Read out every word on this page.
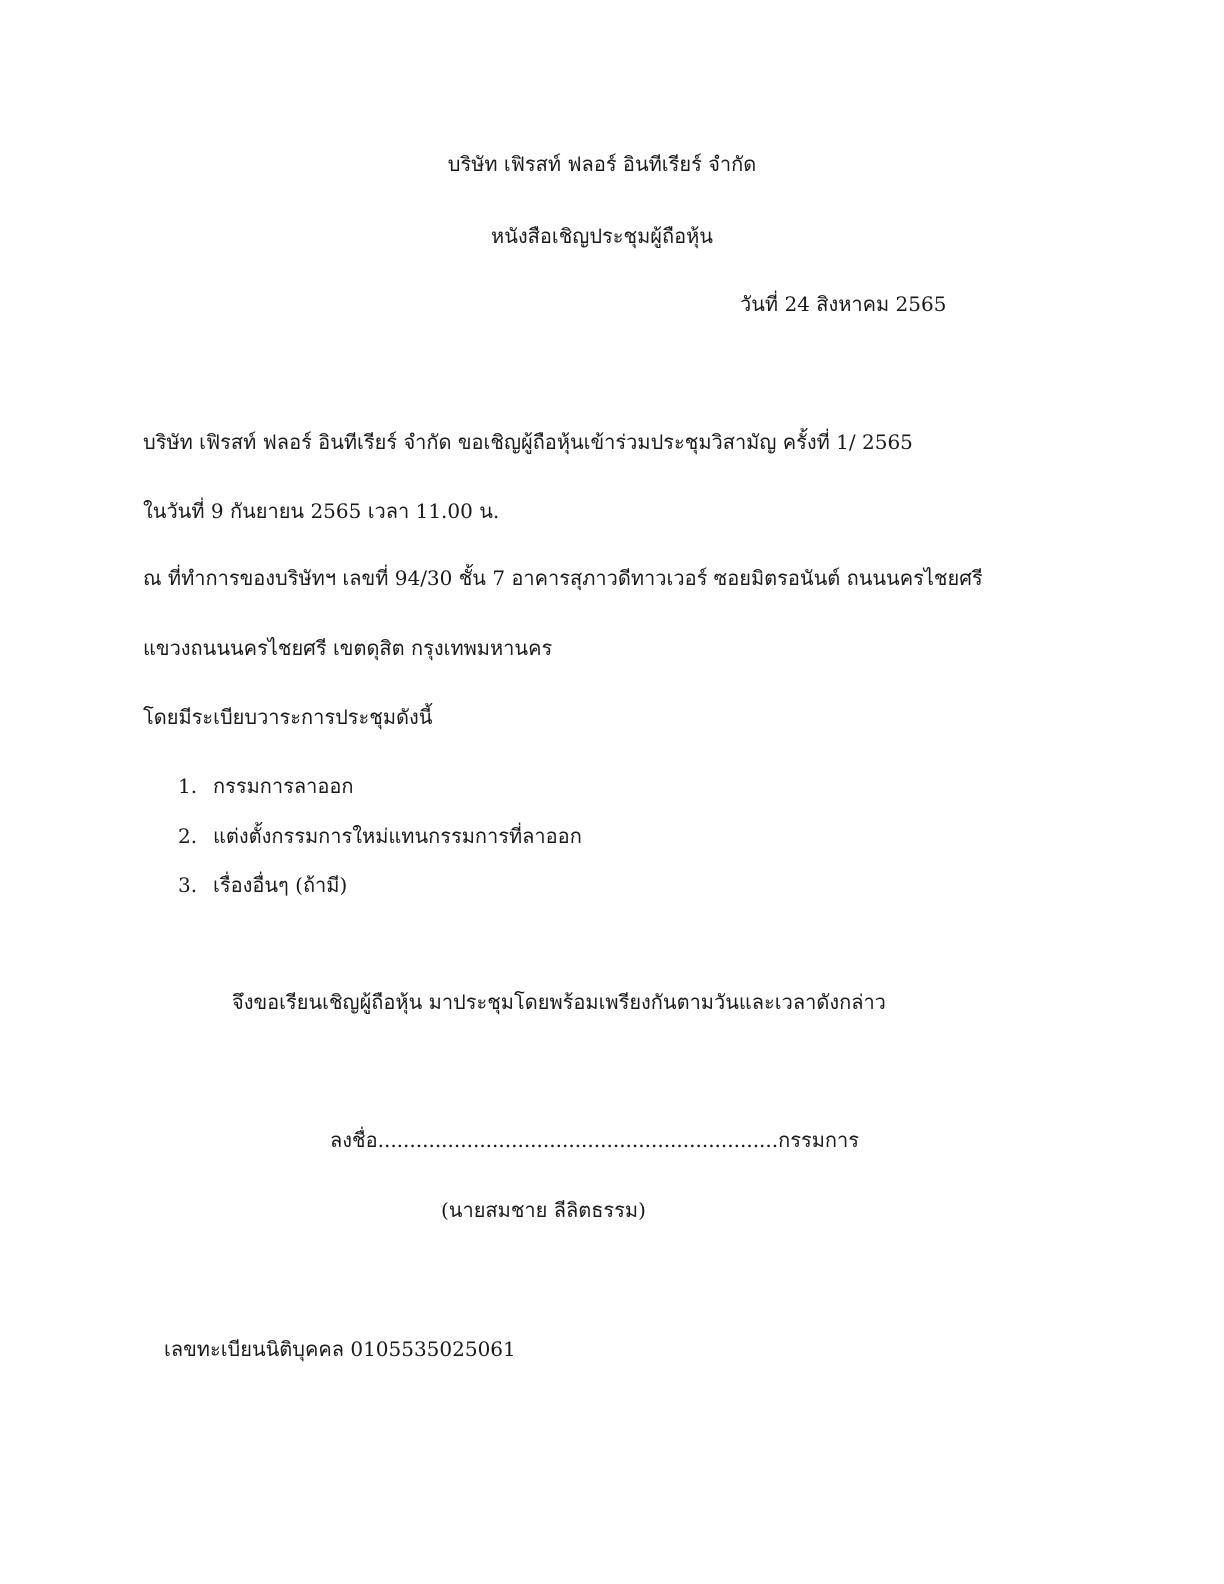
บริษัท เฟิรสท์ ฟลอร์ อินทีเรียร์ จำกัด
หนังสือเชิญประชุมผู้ถือหุ้น
วันที่ 24 สิงหาคม 2565
บริษัท เฟิรสท์ ฟลอร์ อินทีเรียร์ จำกัด ขอเชิญผู้ถือหุ้นเข้าร่วมประชุมวิสามัญ ครั้งที่ 1/ 2565
ในวันที่ 9 กันยายน 2565 เวลา 11.00 น.
ณ ที่ทำการของบริษัทฯ เลขที่ 94/30 ชั้น 7 อาคารสุภาวดีทาวเวอร์ ซอยมิตรอนันต์ ถนนนครไชยศรี
แขวงถนนนครไชยศรี เขตดุสิต กรุงเทพมหานคร
โดยมีระเบียบวาระการประชุมดังนี้
1. กรรมการลาออก
2. แต่งตั้งกรรมการใหม่แทนกรรมการที่ลาออก
3. เรื่องอื่นๆ (ถ้ามี)
จึงขอเรียนเชิญผู้ถือหุ้น มาประชุมโดยพร้อมเพรียงกันตามวันและเวลาดังกล่าว
ลงชื่อ...............................................................กรรมการ
(นายสมชาย ลีลิตธรรม)
เลขทะเบียนนิติบุคคล 0105535025061
